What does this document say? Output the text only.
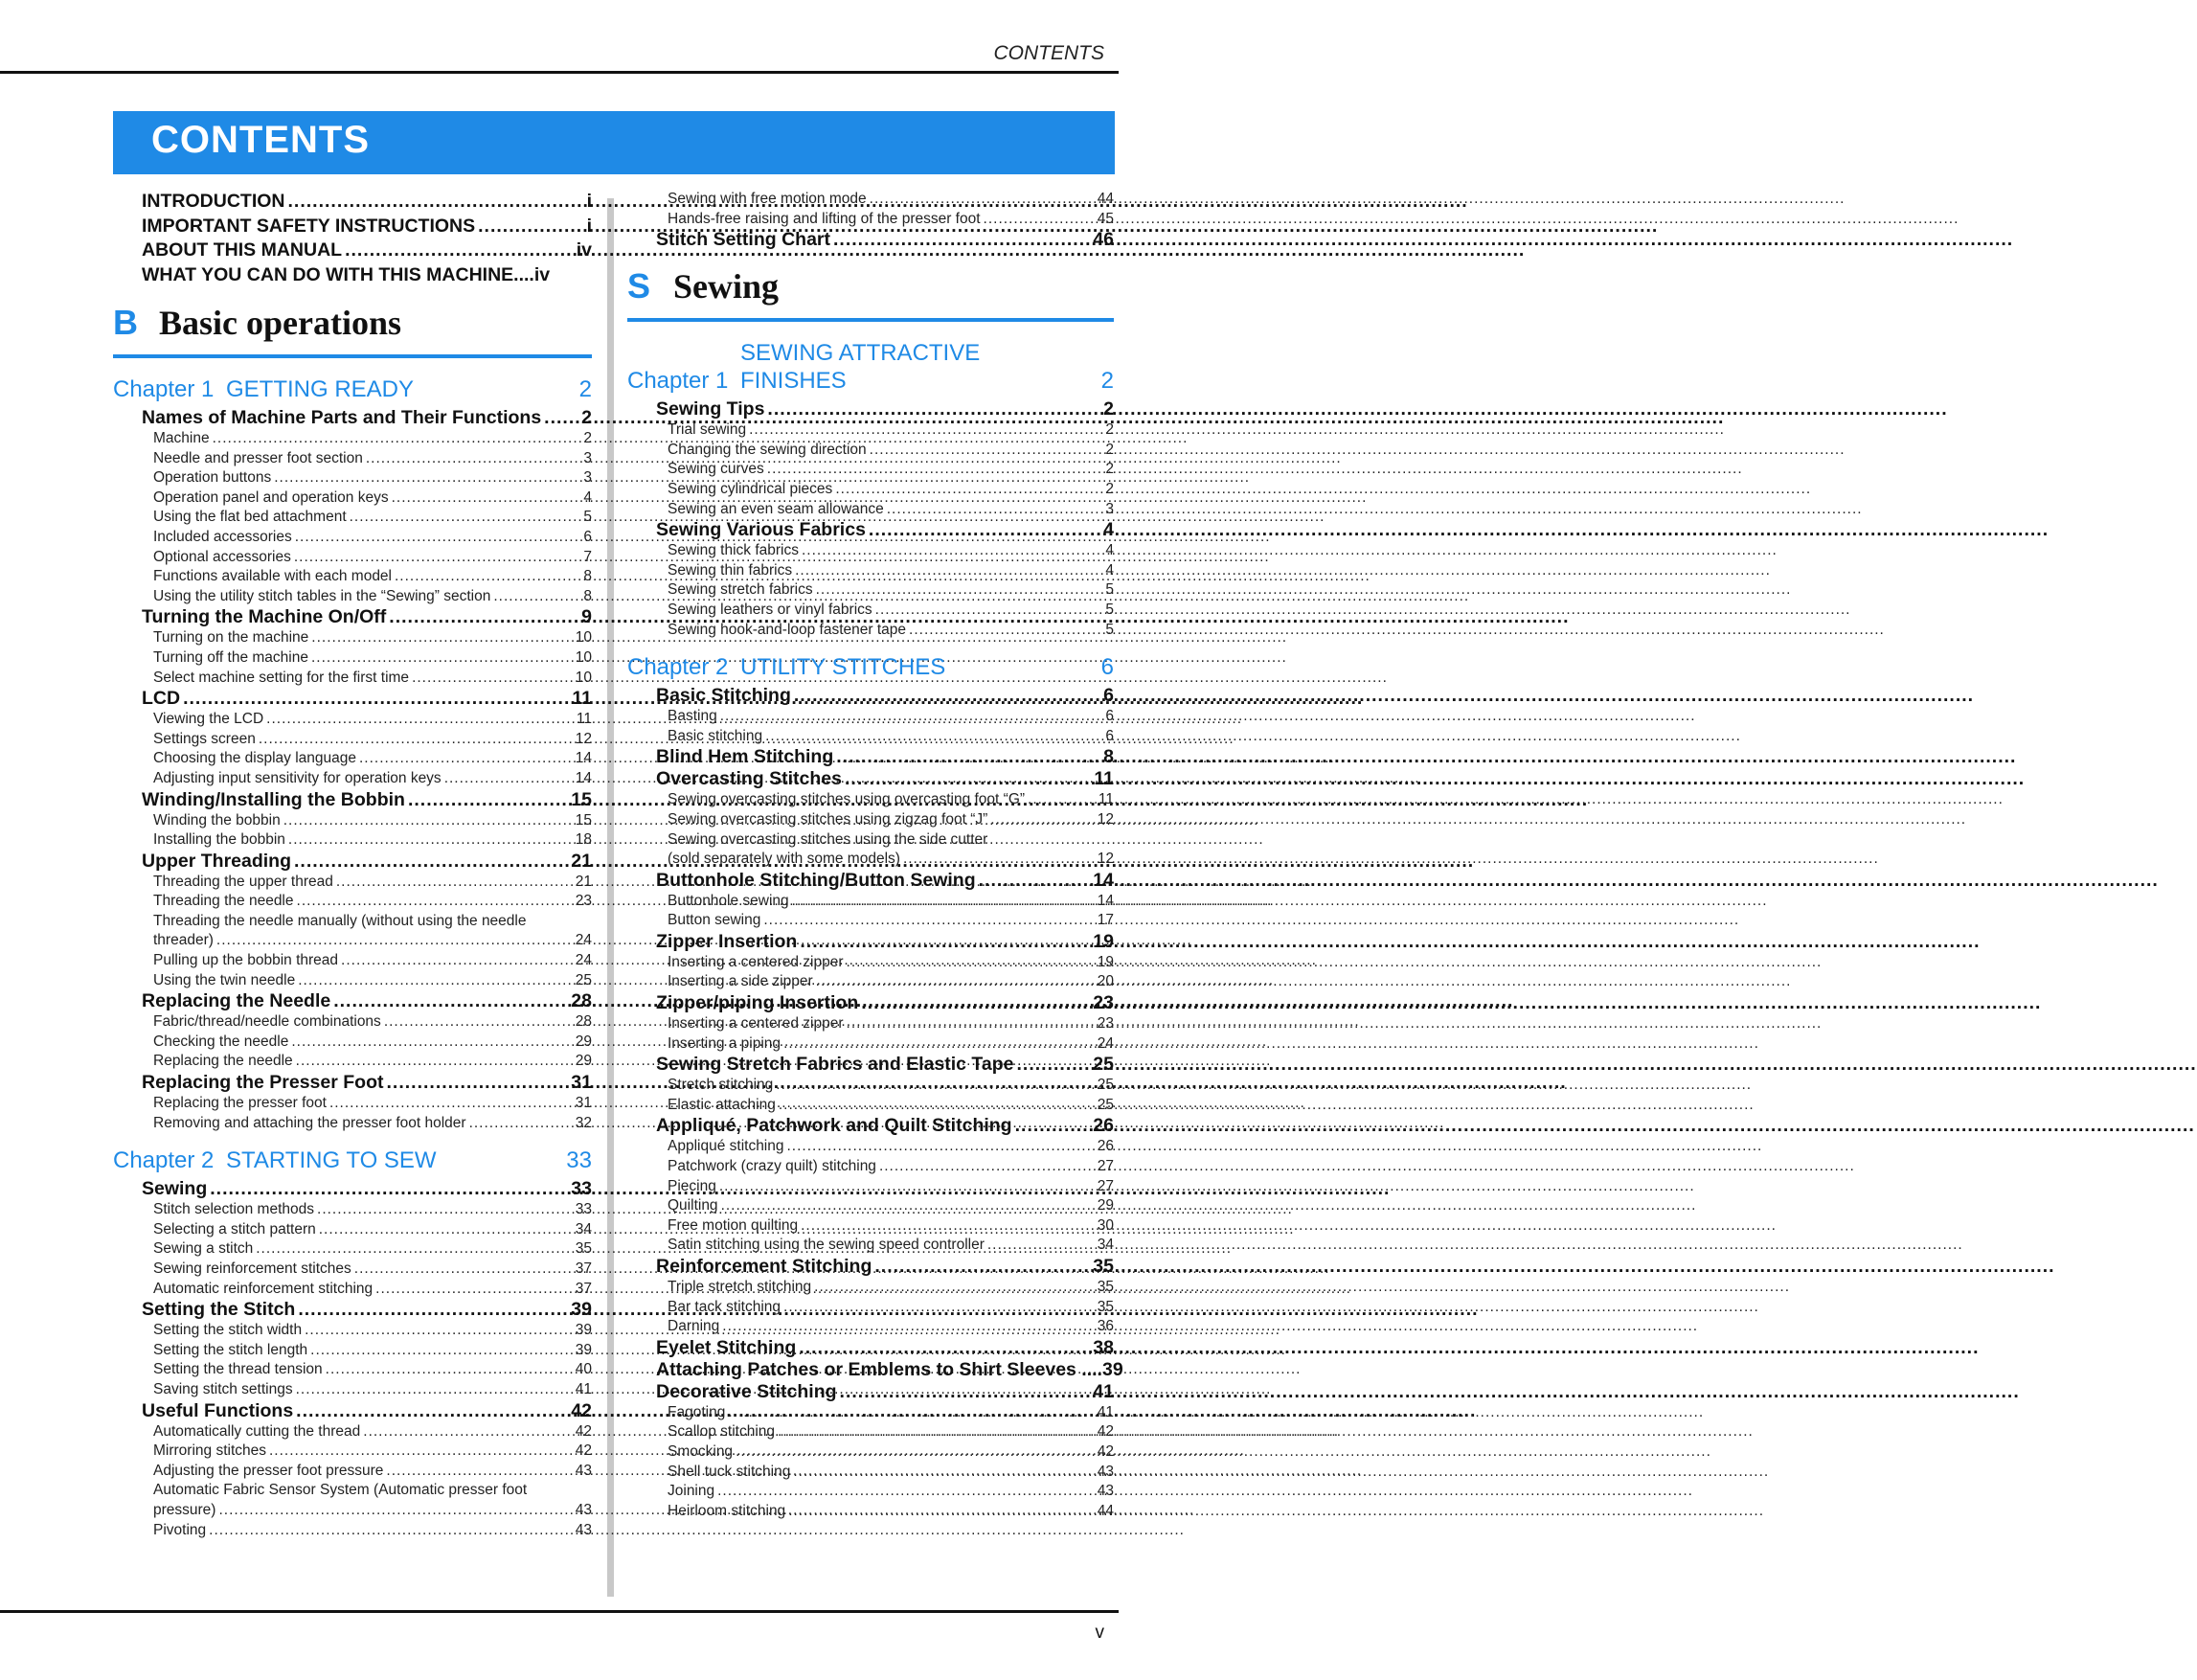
CONTENTS
CONTENTS
INTRODUCTION .....	i
IMPORTANT SAFETY INSTRUCTIONS .....	i
ABOUT THIS MANUAL .....	iv
WHAT YOU CAN DO WITH THIS MACHINE.... iv
B Basic operations
Chapter 1 GETTING READY	2
Names of Machine Parts and Their Functions ..... 2
Machine .....	2
Needle and presser foot section .....	3
Operation buttons .....	3
Operation panel and operation keys .....	4
Using the flat bed attachment .....	5
Included accessories .....	6
Optional accessories .....	7
Functions available with each model .....	8
Using the utility stitch tables in the “Sewing” section .....	8
Turning the Machine On/Off .....	9
Turning on the machine .....	10
Turning off the machine .....	10
Select machine setting for the first time .....	10
LCD .....	11
Viewing the LCD .....	11
Settings screen .....	12
Choosing the display language .....	14
Adjusting input sensitivity for operation keys .....	14
Winding/Installing the Bobbin .....	15
Winding the bobbin .....	15
Installing the bobbin .....	18
Upper Threading .....	21
Threading the upper thread .....	21
Threading the needle .....	23
Threading the needle manually (without using the needle
threader) .....	24
Pulling up the bobbin thread .....	24
Using the twin needle .....	25
Replacing the Needle .....	28
Fabric/thread/needle combinations .....	28
Checking the needle .....	29
Replacing the needle .....	29
Replacing the Presser Foot .....	31
Replacing the presser foot .....	31
Removing and attaching the presser foot holder .....	32
Chapter 2 STARTING TO SEW	33
Sewing .....	33
Stitch selection methods .....	33
Selecting a stitch pattern .....	34
Sewing a stitch .....	35
Sewing reinforcement stitches .....	37
Automatic reinforcement stitching .....	37
Setting the Stitch .....	39
Setting the stitch width .....	39
Setting the stitch length .....	39
Setting the thread tension .....	40
Saving stitch settings .....	41
Useful Functions .....	42
Automatically cutting the thread .....	42
Mirroring stitches .....	42
Adjusting the presser foot pressure .....	43
Automatic Fabric Sensor System (Automatic presser foot
pressure) .....	43
Pivoting .....	43
Sewing with free motion mode .....	44
Hands-free raising and lifting of the presser foot .....	45
Stitch Setting Chart .....	46
S Sewing
Chapter 1
SEWING ATTRACTIVE
FINISHES	2
Sewing Tips .....	2
Trial sewing .....	2
Changing the sewing direction .....	2
Sewing curves .....	2
Sewing cylindrical pieces .....	2
Sewing an even seam allowance .....	3
Sewing Various Fabrics .....	4
Sewing thick fabrics .....	4
Sewing thin fabrics .....	4
Sewing stretch fabrics .....	5
Sewing leathers or vinyl fabrics .....	5
Sewing hook-and-loop fastener tape .....	5
Chapter 2 UTILITY STITCHES	6
Basic Stitching .....	6
Basting .....	6
Basic stitching .....	6
Blind Hem Stitching .....	8
Overcasting Stitches .....	11
Sewing overcasting stitches using overcasting foot “G” .....	11
Sewing overcasting stitches using zigzag foot “J” .....	12
Sewing overcasting stitches using the side cutter
(sold separately with some models) .....	12
Buttonhole Stitching/Button Sewing .....	14
Buttonhole sewing .....	14
Button sewing .....	17
Zipper Insertion .....	19
Inserting a centered zipper .....	19
Inserting a side zipper .....	20
Zipper/piping Insertion .....	23
Inserting a centered zipper .....	23
Inserting a piping .....	24
Sewing Stretch Fabrics and Elastic Tape .....	25
Stretch stitching .....	25
Elastic attaching .....	25
Appliqué, Patchwork and Quilt Stitching .....	26
Appliqué stitching .....	26
Patchwork (crazy quilt) stitching .....	27
Piecing .....	27
Quilting .....	29
Free motion quilting .....	30
Satin stitching using the sewing speed controller .....	34
Reinforcement Stitching .....	35
Triple stretch stitching .....	35
Bar tack stitching .....	35
Darning .....	36
Eyelet Stitching .....	38
Attaching Patches or Emblems to Shirt Sleeves .... 39
Decorative Stitching .....	41
Fagoting .....	41
Scallop stitching .....	42
Smocking .....	42
Shell tuck stitching .....	43
Joining .....	43
Heirloom stitching .....	44
v
